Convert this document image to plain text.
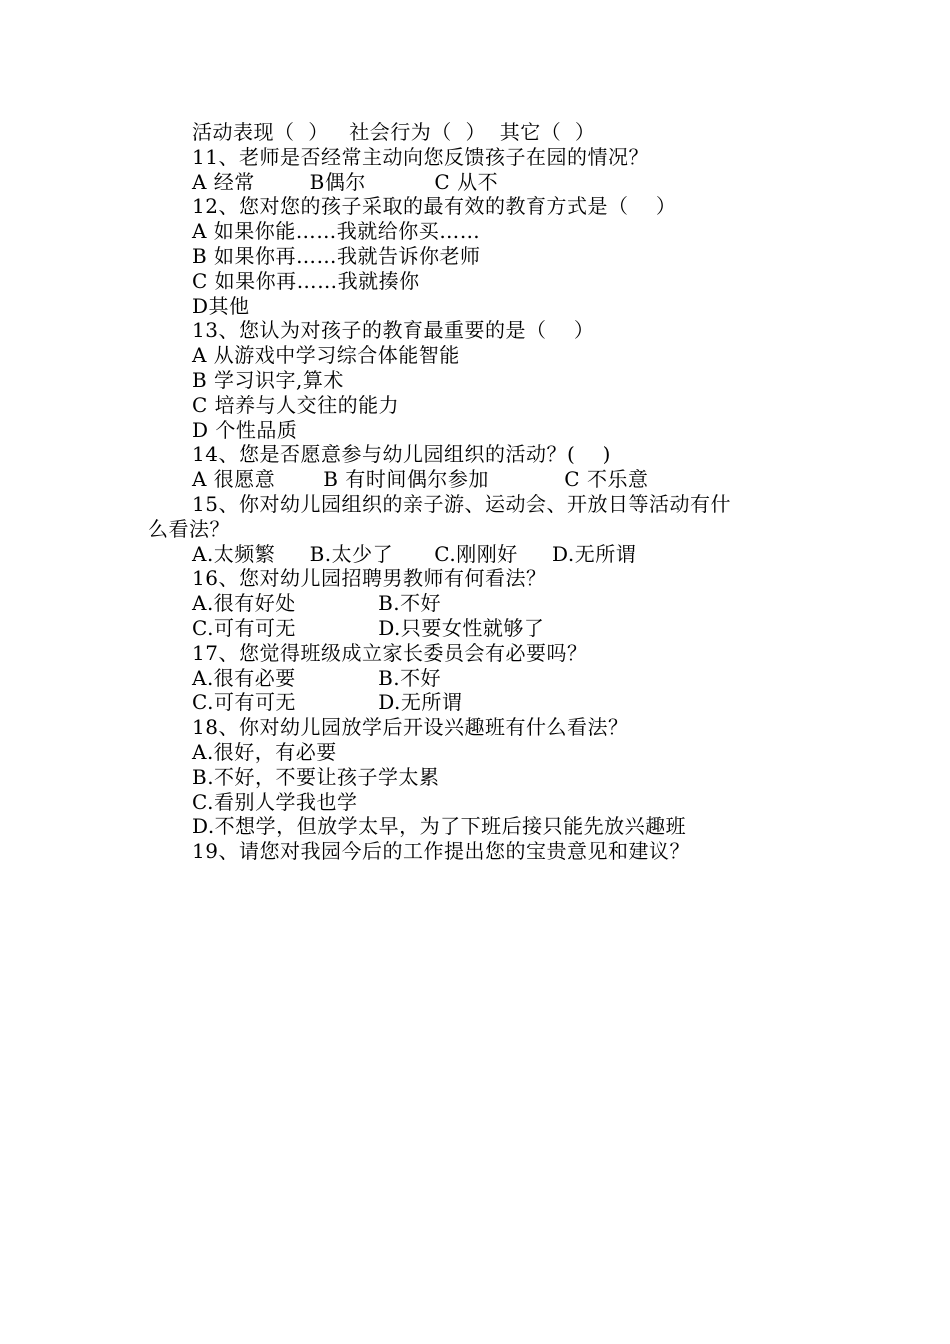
活动表现（  ）   社会行为（  ）  其它（  ）
11、老师是否经常主动向您反馈孩子在园的情况？
A 经常        B偶尔          C 从不
12、您对您的孩子采取的最有效的教育方式是（    ）
A 如果你能……我就给你买……
B 如果你再……我就告诉你老师
C 如果你再……我就揍你
D其他
13、您认为对孩子的教育最重要的是（    ）
A 从游戏中学习综合体能智能
B 学习识字,算术
C 培养与人交往的能力
D 个性品质
14、您是否愿意参与幼儿园组织的活动？(    )
A 很愿意       B 有时间偶尔参加           C 不乐意
15、你对幼儿园组织的亲子游、运动会、开放日等活动有什
么看法？
A.太频繁     B.太少了      C.刚刚好     D.无所谓
16、您对幼儿园招聘男教师有何看法？
A.很有好处            B.不好
C.可有可无            D.只要女性就够了
17、您觉得班级成立家长委员会有必要吗？
A.很有必要            B.不好
C.可有可无            D.无所谓
18、你对幼儿园放学后开设兴趣班有什么看法？
A.很好，有必要
B.不好，不要让孩子学太累
C.看别人学我也学
D.不想学，但放学太早，为了下班后接只能先放兴趣班
19、请您对我园今后的工作提出您的宝贵意见和建议？
